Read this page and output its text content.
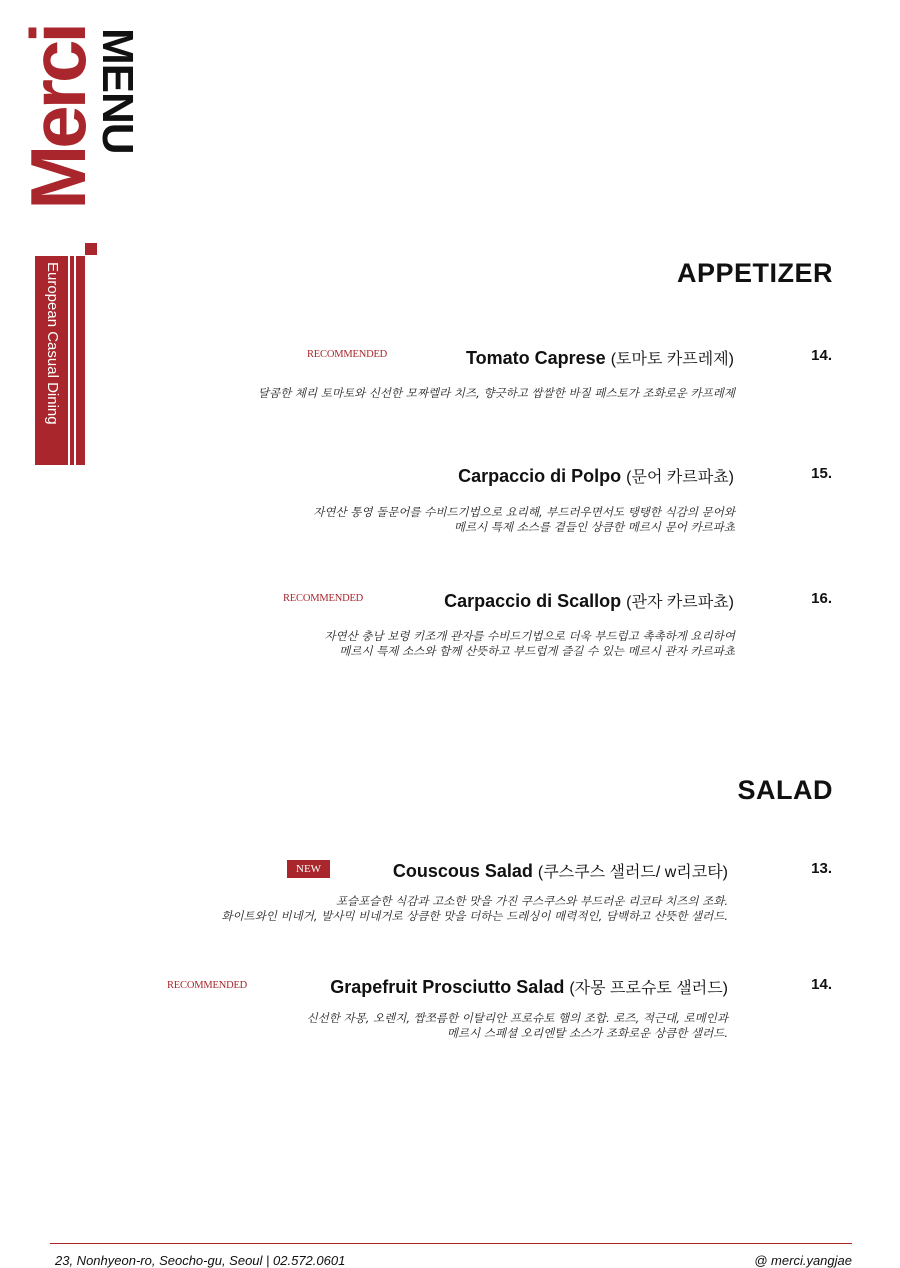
Merci
MENU
European Casual Dining	APPETIZER
RECOMMENDED	Tomato Caprese (토마토 카프레제)	14.
달콤한 체리 토마토와 신선한 모짜렐라 치즈, 향긋하고 쌉쌀한 바질 페스토가 조화로운 카프레제
Carpaccio di Polpo (문어 카르파쵸)	15.
자연산 통영 돌문어를 수비드기법으로 요리해, 부드러우면서도 탱탱한 식감의 문어와
메르시 특제 소스를 곁들인 상큼한 메르시 문어 카르파쵸
RECOMMENDED	Carpaccio di Scallop (관자 카르파쵸)	16.
자연산 충남 보령 키조개 관자를 수비드기법으로 더욱 부드럽고 촉촉하게 요리하여
메르시 특제 소스와 함께 산뜻하고 부드럽게 즐길 수 있는 메르시 관자 카르파쵸
SALAD
NEW	Couscous Salad (쿠스쿠스 샐러드/ w리코타)	13.
포슬포슬한 식감과 고소한 맛을 가진 쿠스쿠스와 부드러운 리코타 치즈의 조화.
화이트와인 비네거, 발사믹 비네거로 상큼한 맛을 더하는 드레싱이 매력적인, 담백하고 산뜻한 샐러드.
RECOMMENDED	Grapefruit Prosciutto Salad (자몽 프로슈토 샐러드)	14.
신선한 자몽, 오렌지, 짭쪼름한 이탈리안 프로슈토 햄의 조합. 로즈, 적근대, 로메인과
메르시 스페셜 오리엔탈 소스가 조화로운 상큼한 샐러드.
23, Nonhyeon-ro, Seocho-gu, Seoul | 02.572.0601	@ merci.yangjae
